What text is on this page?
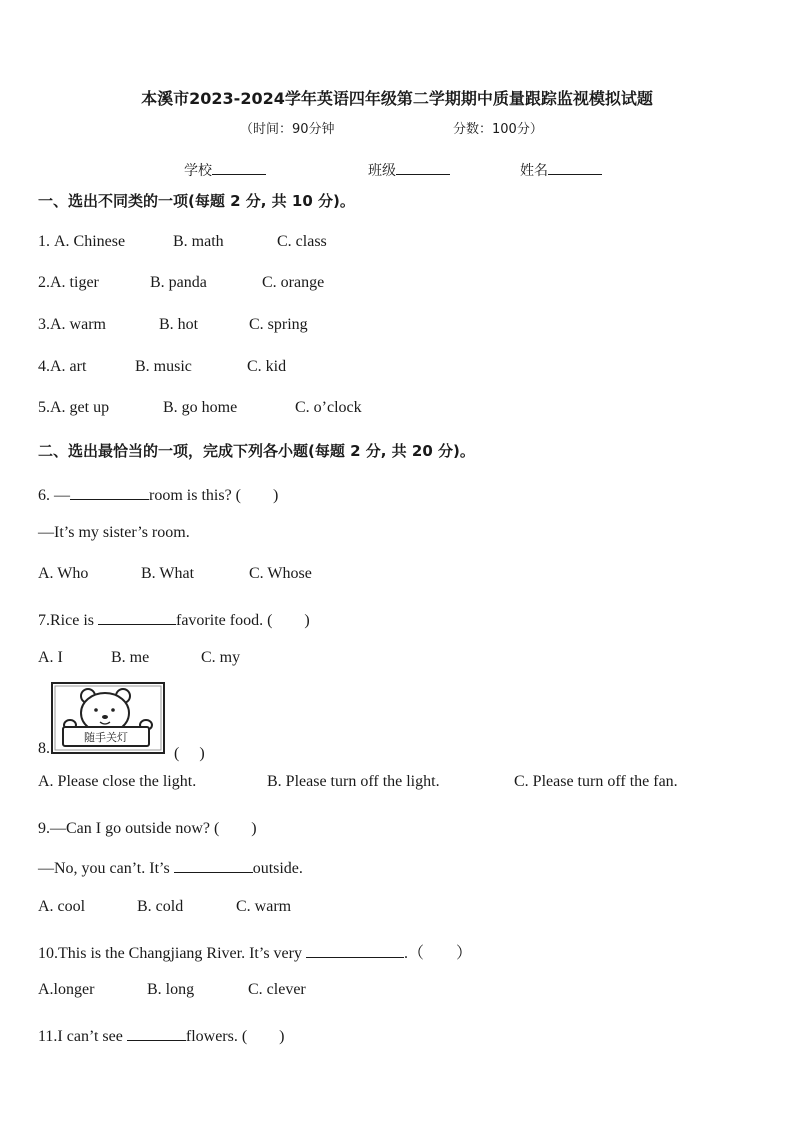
本溪市2023-2024学年英语四年级第二学期期中质量跟踪监视模拟试题
（时间：90分钟	分数：100分）
学校	班级	姓名
一、选出不同类的一项(每题 2 分, 共 10 分)。
1. A. Chinese	B. math	C. class
2.A. tiger	B. panda	C. orange
3.A. warm	B. hot	C. spring
4.A. art	B. music	C. kid
5.A. get up	B. go home	C. o’clock
二、选出最恰当的一项，完成下列各小题(每题 2 分, 共 20 分)。
6. —	room is this? (　　)
—It’s my sister’s room.
A. Who	B. What	C. Whose
7.Rice is	favorite food. (　　)
A. I	B. me	C. my
随手关灯
8.	(　 )
A. Please close the light.	B. Please turn off the light.	C. Please turn off the fan.
9.—Can I go outside now? (　　)
—No, you can’t. It’s	outside.
A. cool	B. cold	C. warm
10.This is the Changjiang River. It’s very	.（　　）
A.longer	B. long	C. clever
11.I can’t see	flowers. (　　)
